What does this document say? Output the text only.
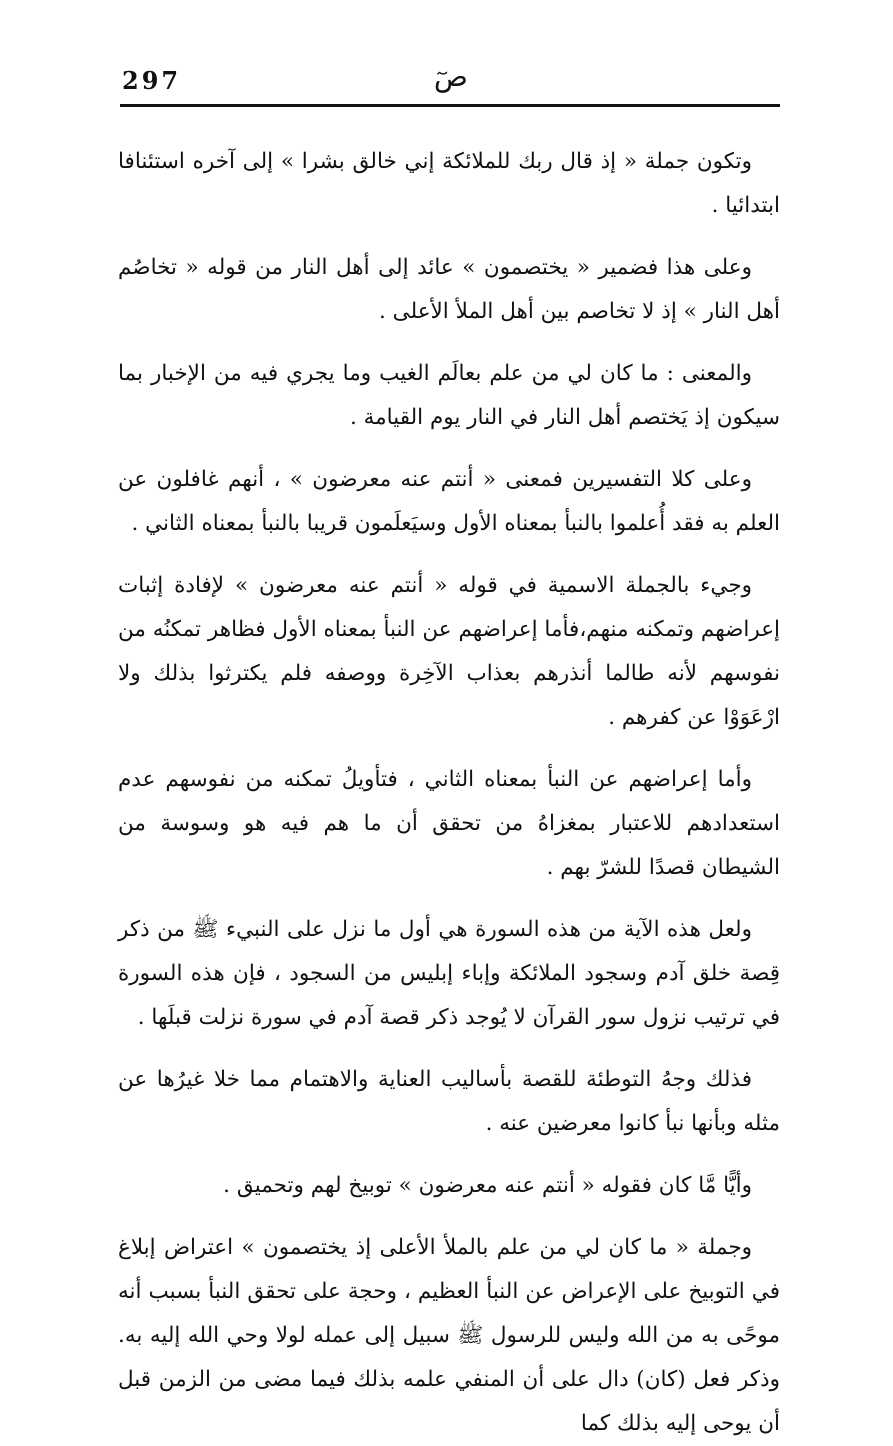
297	صٓ

وتكون جملة « إذ قال ربك للملائكة إني خالق بشرا » إلى آخره استئنافا ابتدائيا .

وعلى هذا فضمير « يختصمون » عائد إلى أهل النار من قوله « تخاصُم أهل النار » إذ لا تخاصم بين أهل الملأ الأعلى .

والمعنى : ما كان لي من علم بعالَم الغيب وما يجري فيه من الإخبار بما سيكون إذ يَختصم أهل النار في النار يوم القيامة .

وعلى كلا التفسيرين فمعنى « أنتم عنه معرضون » ، أنهم غافلون عن العلم به فقد أُعلموا بالنبأ بمعناه الأول وسيَعلَمون قريبا بالنبأ بمعناه الثاني .

وجيء بالجملة الاسمية في قوله « أنتم عنه معرضون » لإفادة إثبات إعراضهم وتمكنه منهم،فأما إعراضهم عن النبأ بمعناه الأول فظاهر تمكنُه من نفوسهم لأنه طالما أنذرهم بعذاب الآخِرة ووصفه فلم يكترثوا بذلك ولا ارْعَوَوْا عن كفرهم .

وأما إعراضهم عن النبأ بمعناه الثاني ، فتأويلُ تمكنه من نفوسهم عدم استعدادهم للاعتبار بمغزاهُ من تحقق أن ما هم فيه هو وسوسة من الشيطان قصدًا للشرّ بهم .

ولعل هذه الآية من هذه السورة هي أول ما نزل على النبيء ﷺ من ذكر قِصة خلق آدم وسجود الملائكة وإباء إبليس من السجود ، فإن هذه السورة في ترتيب نزول سور القرآن لا يُوجد ذكر قصة آدم في سورة نزلت قبلَها .

فذلك وجهُ التوطئة للقصة بأساليب العناية والاهتمام مما خلا غيرُها عن مثله وبأنها نبأ كانوا معرضين عنه .

وأيًّا مَّا كان فقوله « أنتم عنه معرضون » توبيخ لهم وتحميق .

وجملة « ما كان لي من علم بالملأ الأعلى إذ يختصمون » اعتراض إبلاغ في التوبيخ على الإعراض عن النبأ العظيم ، وحجة على تحقق النبأ بسبب أنه موحًى به من الله وليس للرسول ﷺ سبيل إلى عمله لولا وحي الله إليه به. وذكر فعل (كان) دال على أن المنفي علمه بذلك فيما مضى من الزمن قبل أن يوحى إليه بذلك كما
